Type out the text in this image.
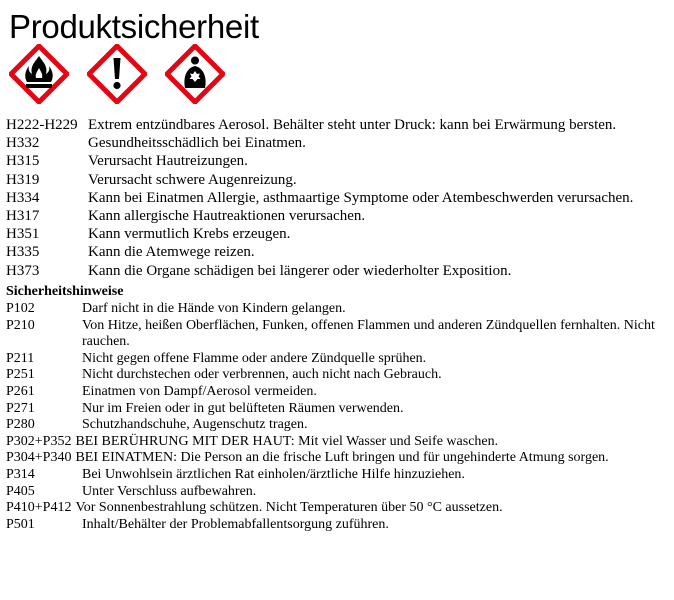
Produktsicherheit
H222-H229 Extrem entzündbares Aerosol. Behälter steht unter Druck: kann bei Erwärmung bersten.
H332	Gesundheitsschädlich bei Einatmen.
H315	Verursacht Hautreizungen.
H319	Verursacht schwere Augenreizung.
H334	Kann bei Einatmen Allergie, asthmaartige Symptome oder Atembeschwerden verursachen.
H317	Kann allergische Hautreaktionen verursachen.
H351	Kann vermutlich Krebs erzeugen.
H335	Kann die Atemwege reizen.
H373	Kann die Organe schädigen bei längerer oder wiederholter Exposition.
Sicherheitshinweise
P102	Darf nicht in die Hände von Kindern gelangen.
P210	Von Hitze, heißen Oberflächen, Funken, offenen Flammen und anderen Zündquellen fernhalten. Nicht rauchen.
P211	Nicht gegen offene Flamme oder andere Zündquelle sprühen.
P251	Nicht durchstechen oder verbrennen, auch nicht nach Gebrauch.
P261	Einatmen von Dampf/Aerosol vermeiden.
P271	Nur im Freien oder in gut belüfteten Räumen verwenden.
P280	Schutzhandschuhe, Augenschutz tragen.
P302+P352 BEI BERÜHRUNG MIT DER HAUT: Mit viel Wasser und Seife waschen.
P304+P340 BEI EINATMEN: Die Person an die frische Luft bringen und für ungehinderte Atmung sorgen.
P314	Bei Unwohlsein ärztlichen Rat einholen/ärztliche Hilfe hinzuziehen.
P405	Unter Verschluss aufbewahren.
P410+P412 Vor Sonnenbestrahlung schützen. Nicht Temperaturen über 50 °C aussetzen.
P501	Inhalt/Behälter der Problemabfallentsorgung zuführen.
